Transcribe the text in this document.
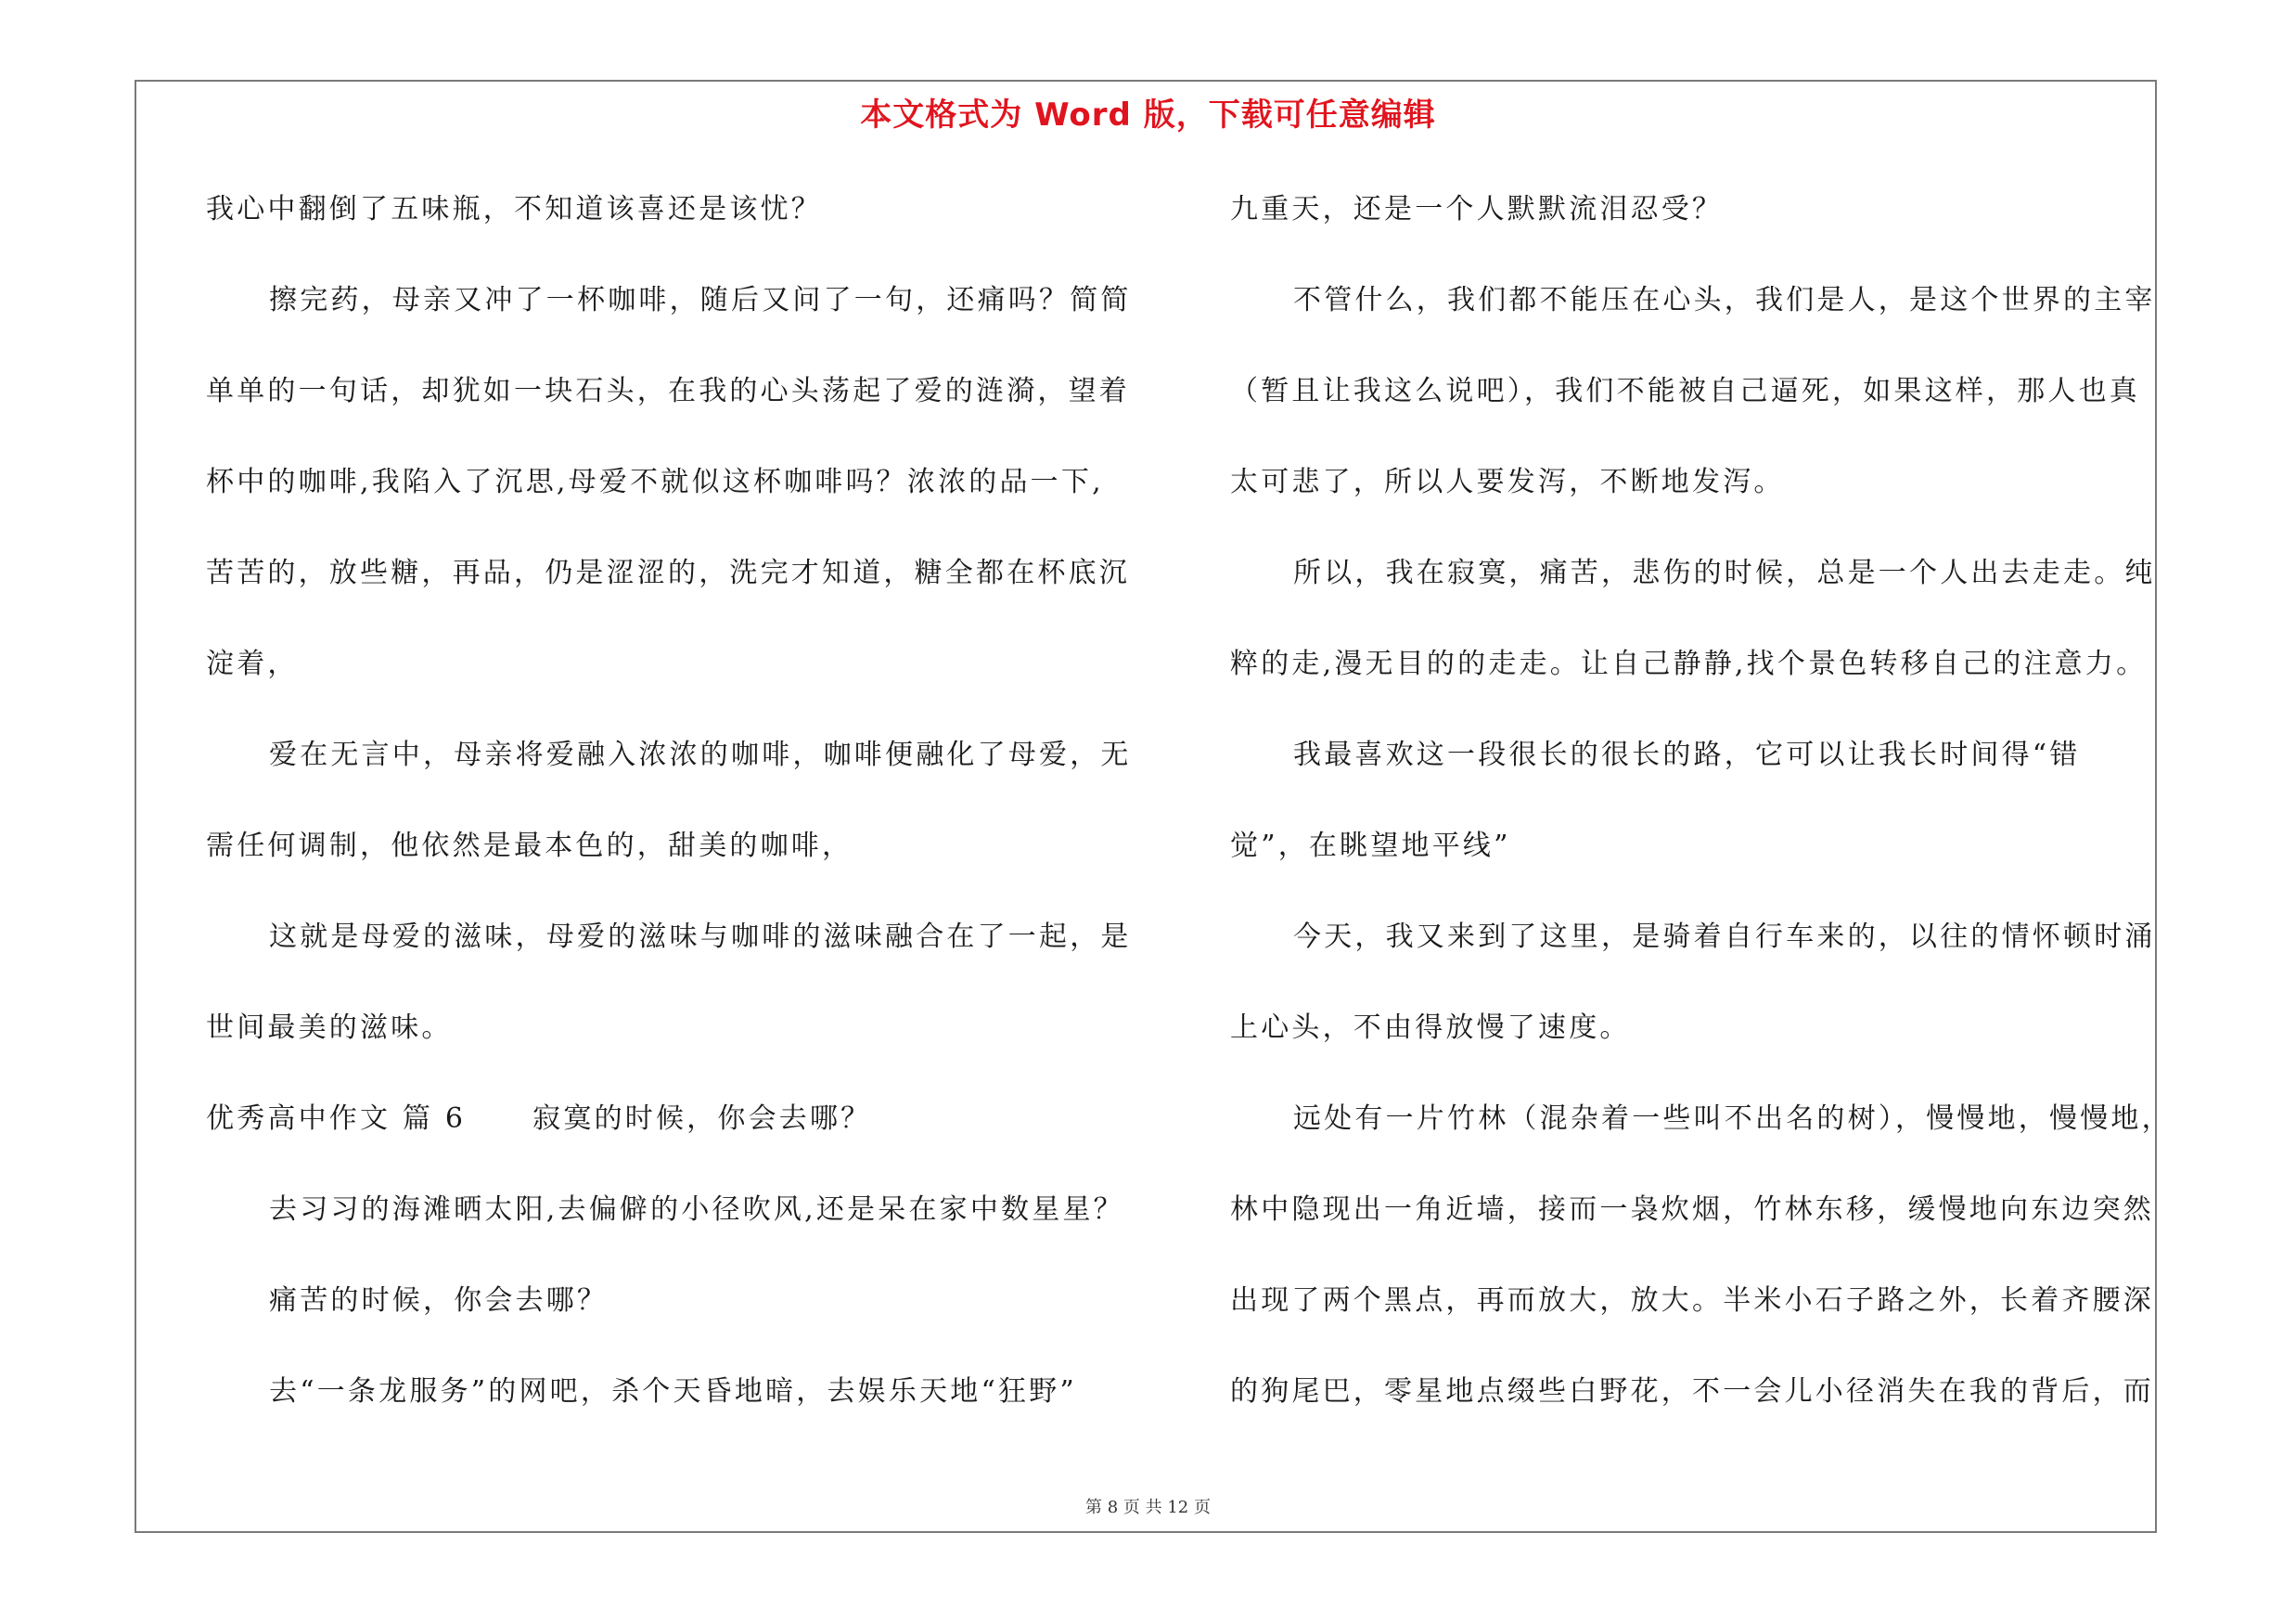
本文格式为 Word 版，下载可任意编辑
我心中翻倒了五味瓶，不知道该喜还是该忧？
擦完药，母亲又冲了一杯咖啡，随后又问了一句，还痛吗？简简
单单的一句话，却犹如一块石头，在我的心头荡起了爱的涟漪，望着
杯中的咖啡,我陷入了沉思,母爱不就似这杯咖啡吗？浓浓的品一下,
苦苦的，放些糖，再品，仍是涩涩的，洗完才知道，糖全都在杯底沉
淀着，
爱在无言中，母亲将爱融入浓浓的咖啡，咖啡便融化了母爱，无
需任何调制，他依然是最本色的，甜美的咖啡，
这就是母爱的滋味，母爱的滋味与咖啡的滋味融合在了一起，是
世间最美的滋味。
优秀高中作文 篇 6 寂寞的时候，你会去哪？
去习习的海滩晒太阳,去偏僻的小径吹风,还是呆在家中数星星？
痛苦的时候，你会去哪？
去“一条龙服务”的网吧，杀个天昏地暗，去娱乐天地“狂野”
九重天，还是一个人默默流泪忍受？
不管什么，我们都不能压在心头，我们是人，是这个世界的主宰
（暂且让我这么说吧），我们不能被自己逼死，如果这样，那人也真
太可悲了，所以人要发泻，不断地发泻。
所以，我在寂寞，痛苦，悲伤的时候，总是一个人出去走走。纯
粹的走,漫无目的的走走。让自己静静,找个景色转移自己的注意力。
我最喜欢这一段很长的很长的路，它可以让我长时间得“错
觉”，在眺望地平线”
今天，我又来到了这里，是骑着自行车来的，以往的情怀顿时涌
上心头，不由得放慢了速度。
远处有一片竹林（混杂着一些叫不出名的树），慢慢地，慢慢地，
林中隐现出一角近墙，接而一袅炊烟，竹林东移，缓慢地向东边突然
出现了两个黑点，再而放大，放大。半米小石子路之外，长着齐腰深
的狗尾巴，零星地点缀些白野花，不一会儿小径消失在我的背后，而
第 8 页 共 12 页
